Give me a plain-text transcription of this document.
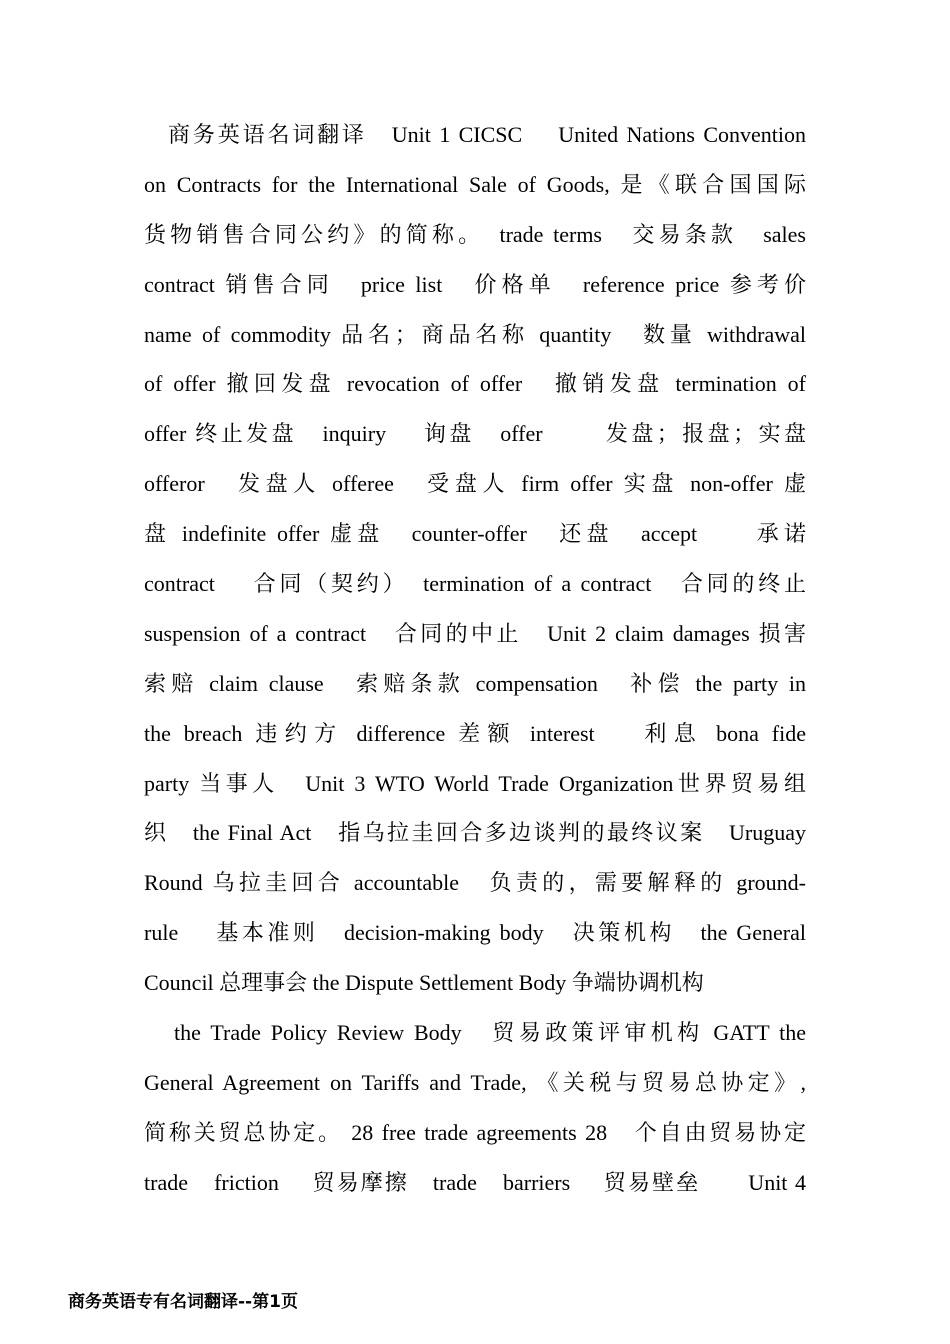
商务英语名词翻译　Unit 1 CICSC　 United Nations Convention
on Contracts for the International Sale of Goods, 是《联合国国际
货物销售合同公约》的简称。　trade terms　交易条款　sales
contract 销售合同　price list　价格单　reference price 参考价
name of commodity 品名；商品名称 quantity　数量 withdrawal
of offer 撤回发盘 revocation of offer　撤销发盘 termination of
offer 终止发盘　inquiry　 询盘　offer　　 发盘；报盘；实盘
offeror　发盘人 offeree　受盘人 firm offer 实盘 non-offer 虚
盘 indefinite offer 虚盘　counter-offer　还盘　accept　　承诺
contract　 合同（契约）　termination of a contract　合同的终止
suspension of a contract　合同的中止　Unit 2 claim damages 损害
索赔 claim clause　索赔条款 compensation　补偿 the party in
the breach 违约方 difference 差额 interest　 利息 bona fide
party 当事人　Unit 3 WTO World Trade Organization世界贸易组
织　the Final Act　指乌拉圭回合多边谈判的最终议案　Uruguay
Round 乌拉圭回合 accountable　负责的，需要解释的 ground-
rule　 基本准则　decision-making body　决策机构　the General
Council 总理事会 the Dispute Settlement Body 争端协调机构
the Trade Policy Review Body　贸易政策评审机构 GATT the
General Agreement on Tariffs and Trade, 《关税与贸易总协定》,
简称关贸总协定。 28 free trade agreements 28　个自由贸易协定
trade　friction　 贸易摩擦　trade　barriers　 贸易壁垒　　Unit 4
商务英语专有名词翻译--第1页
